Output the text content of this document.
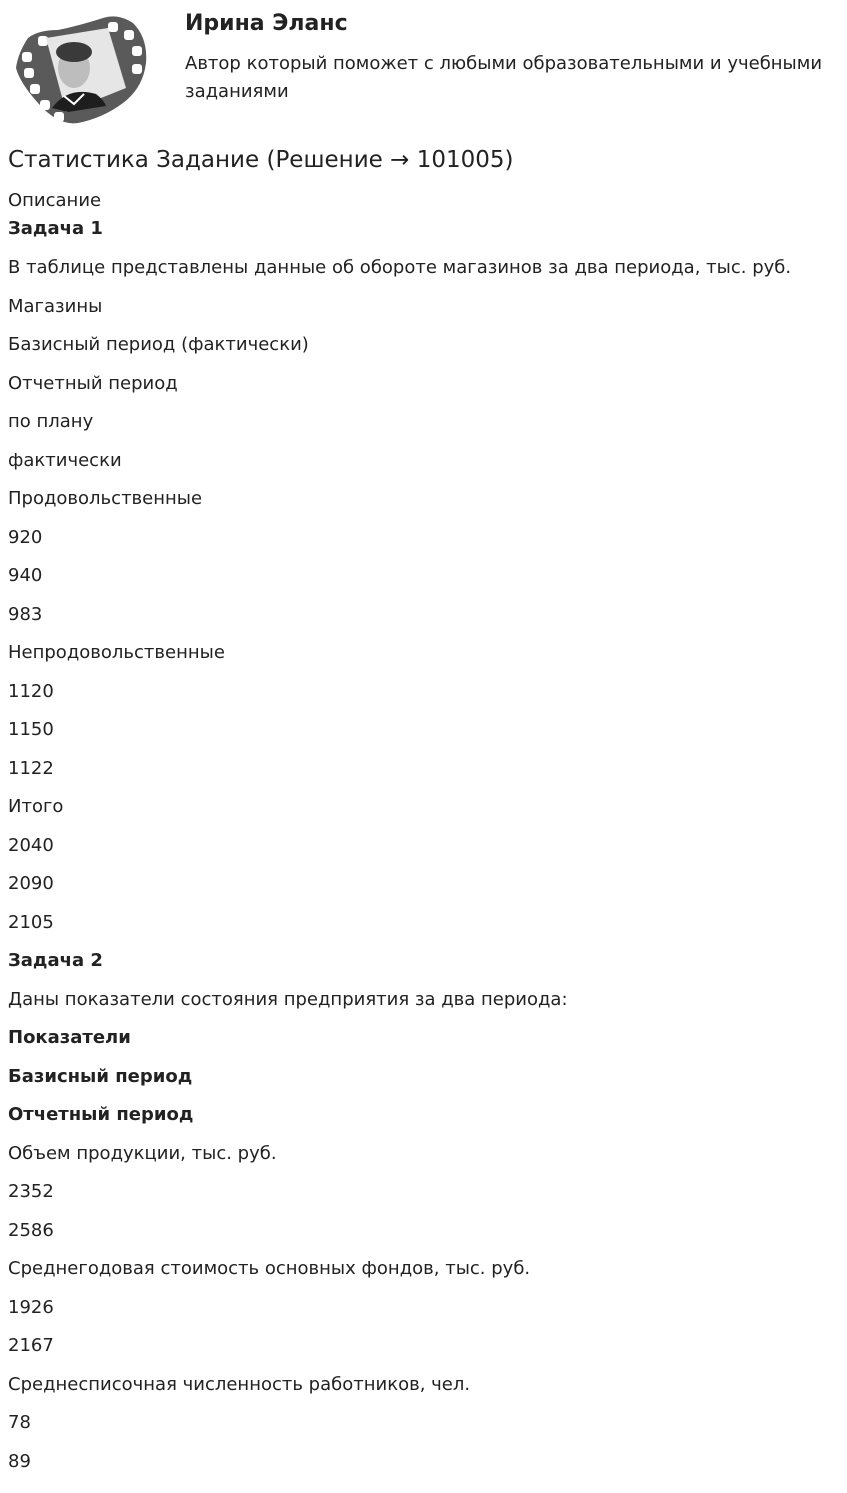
Ирина Эланс
Автор который поможет с любыми образовательными и учебными заданиями
Статистика Задание (Решение → 101005)
Описание
Задача 1
В таблице представлены данные об обороте магазинов за два периода, тыс. руб.
Магазины
Базисный период (фактически)
Отчетный период
по плану
фактически
Продовольственные
920
940
983
Непродовольственные
1120
1150
1122
Итого
2040
2090
2105
Задача 2
Даны показатели состояния предприятия за два периода:
Показатели
Базисный период
Отчетный период
Объем продукции, тыс. руб.
2352
2586
Среднегодовая стоимость основных фондов, тыс. руб.
1926
2167
Среднесписочная численность работников, чел.
78
89
